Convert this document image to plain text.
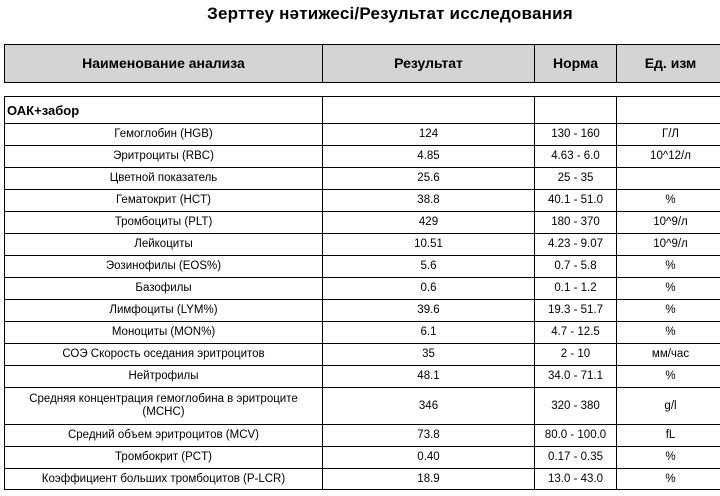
Зерттеу нәтижесі/Результат исследования
Наименование анализа	Результат	Норма	Ед. изм

ОАК+забор			
Гемоглобин (HGB)	124	130 - 160	Г/Л
Эритроциты (RBC)	4.85	4.63 - 6.0	10^12/л
Цветной показатель	25.6	25 - 35	
Гематокрит (HCT)	38.8	40.1 - 51.0	%
Тромбоциты (PLT)	429	180 - 370	10^9/л
Лейкоциты	10.51	4.23 - 9.07	10^9/л
Эозинофилы (EOS%)	5.6	0.7 - 5.8	%
Базофилы	0.6	0.1 - 1.2	%
Лимфоциты (LYM%)	39.6	19.3 - 51.7	%
Моноциты (MON%)	6.1	4.7 - 12.5	%
СОЭ Скорость оседания эритроцитов	35	2 - 10	мм/час
Нейтрофилы	48.1	34.0 - 71.1	%
Средняя концентрация гемоглобина в эритроците (MCHC)	346	320 - 380	g/l
Средний объем эритроцитов (MCV)	73.8	80.0 - 100.0	fL
Тромбокрит (PCT)	0.40	0.17 - 0.35	%
Коэффициент больших тромбоцитов (P-LCR)	18.9	13.0 - 43.0	%
